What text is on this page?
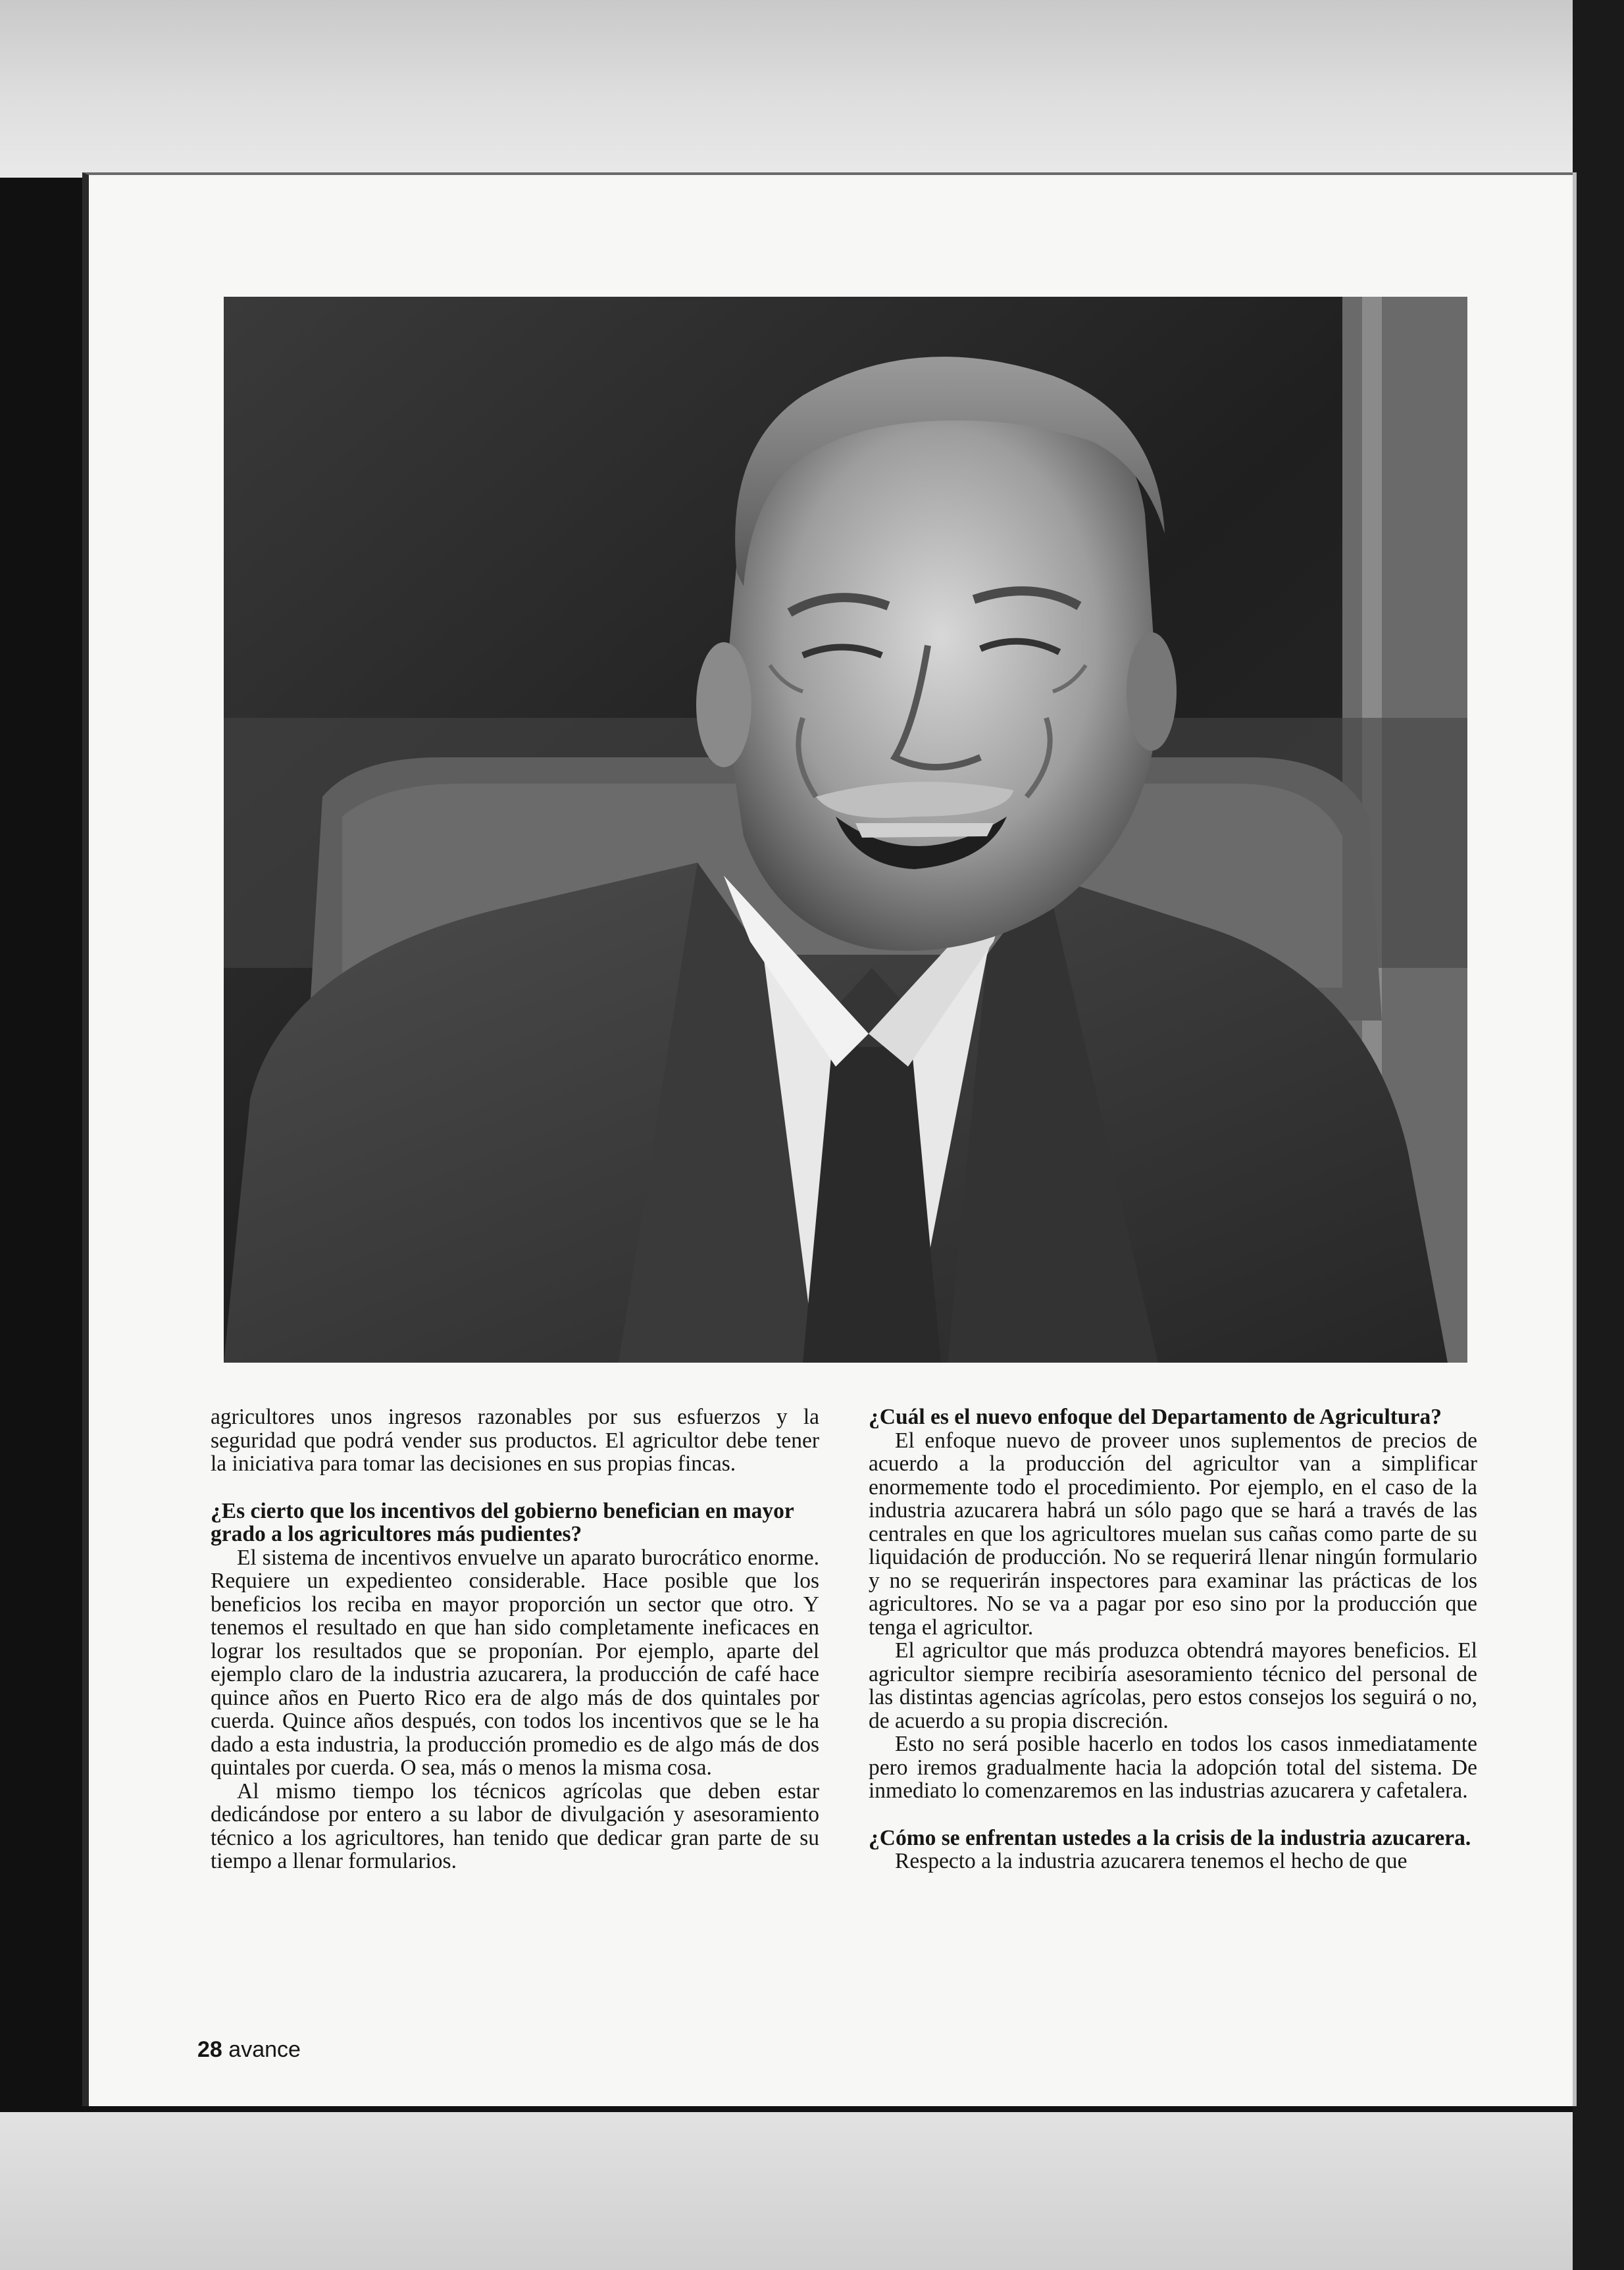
agricultores unos ingresos razonables por sus esfuerzos y la seguridad que podrá vender sus productos. El agricultor debe tener la iniciativa para tomar las decisiones en sus propias fincas.

¿Es cierto que los incentivos del gobierno benefician en mayor grado a los agricultores más pudientes?

El sistema de incentivos envuelve un aparato burocrático enorme. Requiere un expedienteo considerable. Hace posible que los beneficios los reciba en mayor proporción un sector que otro. Y tenemos el resultado en que han sido completamente ineficaces en lograr los resultados que se proponían. Por ejemplo, aparte del ejemplo claro de la industria azucarera, la producción de café hace quince años en Puerto Rico era de algo más de dos quintales por cuerda. Quince años después, con todos los incentivos que se le ha dado a esta industria, la producción promedio es de algo más de dos quintales por cuerda. O sea, más o menos la misma cosa.

Al mismo tiempo los técnicos agrícolas que deben estar dedicándose por entero a su labor de divulgación y asesoramiento técnico a los agricultores, han tenido que dedicar gran parte de su tiempo a llenar formularios.

¿Cuál es el nuevo enfoque del Departamento de Agricultura?

El enfoque nuevo de proveer unos suplementos de precios de acuerdo a la producción del agricultor van a simplificar enormemente todo el procedimiento. Por ejemplo, en el caso de la industria azucarera habrá un sólo pago que se hará a través de las centrales en que los agricultores muelan sus cañas como parte de su liquidación de producción. No se requerirá llenar ningún formulario y no se requerirán inspectores para examinar las prácticas de los agricultores. No se va a pagar por eso sino por la producción que tenga el agricultor.

El agricultor que más produzca obtendrá mayores beneficios. El agricultor siempre recibiría asesoramiento técnico del personal de las distintas agencias agrícolas, pero estos consejos los seguirá o no, de acuerdo a su propia discreción.

Esto no será posible hacerlo en todos los casos inmediatamente pero iremos gradualmente hacia la adopción total del sistema. De inmediato lo comenzaremos en las industrias azucarera y cafetalera.

¿Cómo se enfrentan ustedes a la crisis de la industria azucarera.

Respecto a la industria azucarera tenemos el hecho de que

28 avance
